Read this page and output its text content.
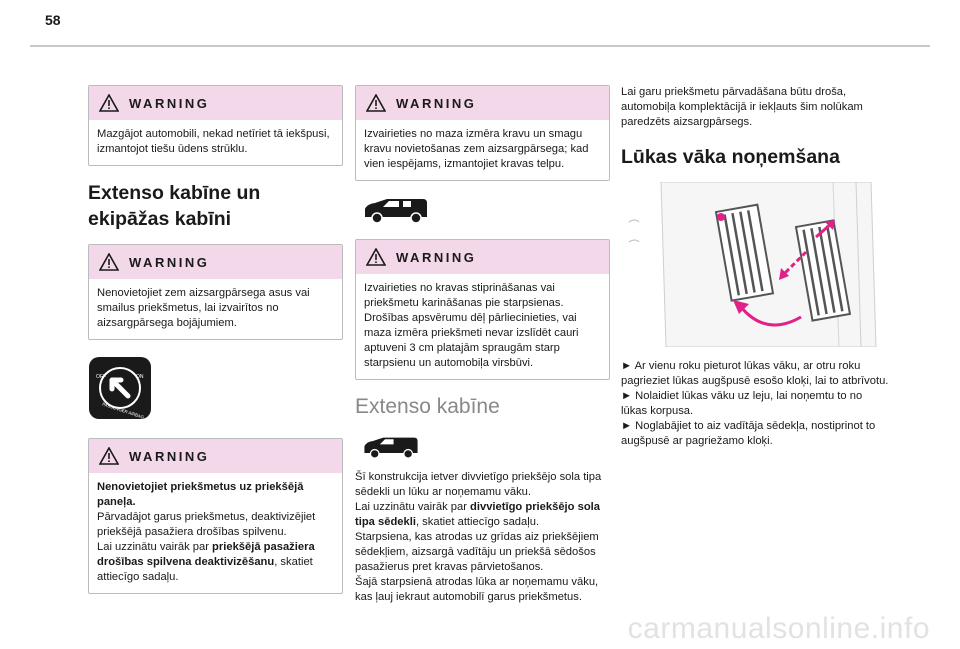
58
WARNING

Mazgājot automobili, nekad netīriet tā iekšpusi, izmantojot tiešu ūdens strūklu.

Extenso kabīne un ekipāžas kabīni
WARNING

Nenovietojiet zem aizsargpārsega asus vai smailus priekšmetus, lai izvairītos no aizsargpārsega bojājumiem.

OFF	ON
PASSENGER AIRBAG
WARNING

Nenovietojiet priekšmetus uz priekšējā paneļa.

Pārvadājot garus priekšmetus, deaktivizējiet priekšējā pasažiera drošības spilvenu.

Lai uzzinātu vairāk par priekšējā pasažiera drošības spilvena deaktivizēšanu, skatiet attiecīgo sadaļu.

WARNING

Izvairieties no maza izmēra kravu un smagu kravu novietošanas zem aizsargpārsega; kad vien iespējams, izmantojiet kravas telpu.

WARNING

Izvairieties no kravas stiprināšanas vai priekšmetu karināšanas pie starpsienas. Drošības apsvērumu dēļ pārliecinieties, vai maza izmēra priekšmeti nevar izslīdēt cauri aptuveni 3 cm platajām spraugām starp starpsienu un automobiļa virsbūvi.

Extenso kabīne

Šī konstrukcija ietver divvietīgo priekšējo sola tipa sēdekli un lūku ar noņemamu vāku.

Lai uzzinātu vairāk par divvietīgo priekšējo sola tipa sēdekli, skatiet attiecīgo sadaļu.

Starpsiena, kas atrodas uz grīdas aiz priekšējiem sēdekļiem, aizsargā vadītāju un priekšā sēdošos pasažierus pret kravas pārvietošanos.

Šajā starpsienā atrodas lūka ar noņemamu vāku, kas ļauj iekraut automobilī garus priekšmetus.

Lai garu priekšmetu pārvadāšana būtu droša, automobiļa komplektācijā ir iekļauts šim nolūkam paredzēts aizsargpārsegs.

Lūkas vāka noņemšana

► Ar vienu roku pieturot lūkas vāku, ar otru roku pagrieziet lūkas augšpusē esošo kloķi, lai to atbrīvotu.

► Nolaidiet lūkas vāku uz leju, lai noņemtu to no lūkas korpusa.

► Noglabājiet to aiz vadītāja sēdekļa, nostiprinot to augšpusē ar pagriežamo kloķi.

carmanualsonline.info
